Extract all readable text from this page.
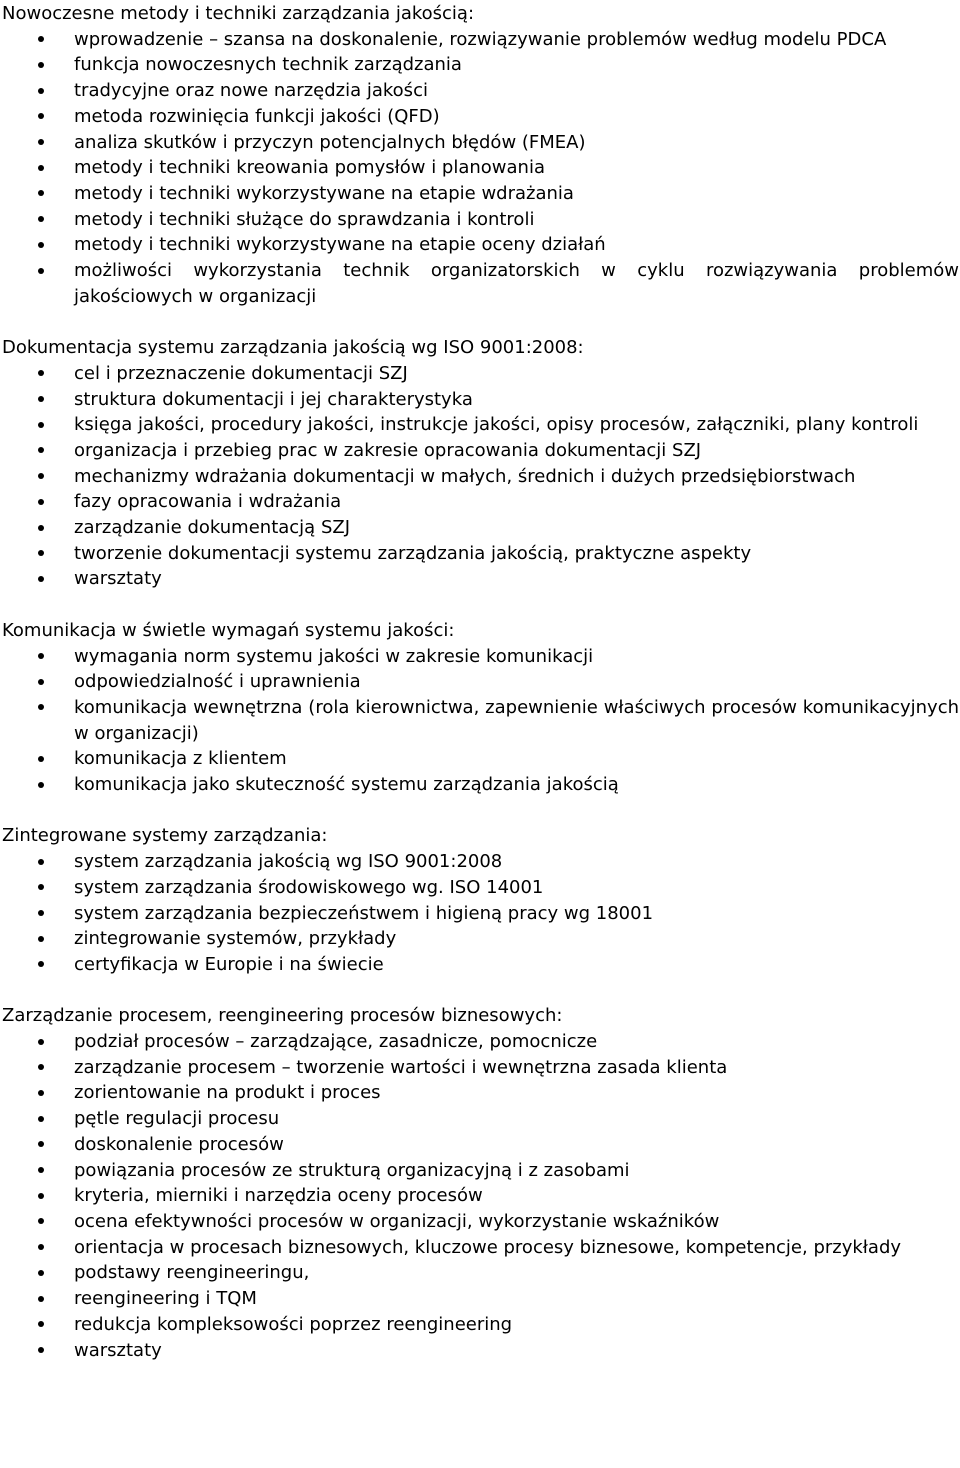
Nowoczesne metody i techniki zarządzania jakością:
wprowadzenie – szansa na doskonalenie, rozwiązywanie problemów według modelu PDCA
funkcja nowoczesnych technik zarządzania
tradycyjne oraz nowe narzędzia jakości
metoda rozwinięcia funkcji jakości (QFD)
analiza skutków i przyczyn potencjalnych błędów (FMEA)
metody i techniki kreowania pomysłów i planowania
metody i techniki wykorzystywane na etapie wdrażania
metody i techniki służące do sprawdzania i kontroli
metody i techniki wykorzystywane na etapie oceny działań
możliwości wykorzystania technik organizatorskich w cyklu rozwiązywania problemów jakościowych w organizacji
Dokumentacja systemu zarządzania jakością wg ISO 9001:2008:
cel i przeznaczenie dokumentacji SZJ
struktura dokumentacji i jej charakterystyka
księga jakości, procedury jakości, instrukcje jakości, opisy procesów, załączniki, plany kontroli
organizacja i przebieg prac w zakresie opracowania dokumentacji SZJ
mechanizmy wdrażania dokumentacji w małych, średnich i dużych przedsiębiorstwach
fazy opracowania i wdrażania
zarządzanie dokumentacją SZJ
tworzenie dokumentacji systemu zarządzania jakością, praktyczne aspekty
warsztaty
Komunikacja w świetle wymagań systemu jakości:
wymagania norm systemu jakości w zakresie komunikacji
odpowiedzialność i uprawnienia
komunikacja wewnętrzna (rola kierownictwa, zapewnienie właściwych procesów komunikacyjnych w organizacji)
komunikacja z klientem
komunikacja jako skuteczność systemu zarządzania jakością
Zintegrowane systemy zarządzania:
system zarządzania jakością wg ISO 9001:2008
system zarządzania środowiskowego wg. ISO 14001
system zarządzania bezpieczeństwem i higieną pracy wg 18001
zintegrowanie systemów, przykłady
certyfikacja w Europie i na świecie
Zarządzanie procesem, reengineering procesów biznesowych:
podział procesów – zarządzające, zasadnicze, pomocnicze
zarządzanie procesem – tworzenie wartości i wewnętrzna zasada klienta
zorientowanie na produkt i proces
pętle regulacji procesu
doskonalenie procesów
powiązania procesów ze strukturą organizacyjną i z zasobami
kryteria, mierniki i narzędzia oceny procesów
ocena efektywności procesów w organizacji, wykorzystanie wskaźników
orientacja w procesach biznesowych, kluczowe procesy biznesowe, kompetencje, przykłady
podstawy reengineeringu,
reengineering i TQM
redukcja kompleksowości poprzez reengineering
warsztaty
